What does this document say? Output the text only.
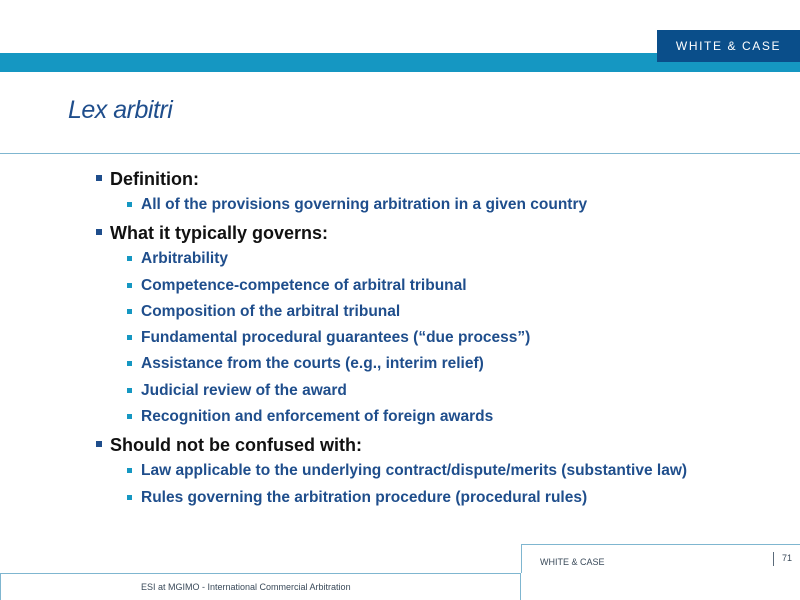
WHITE & CASE
Lex arbitri
Definition:
All of the provisions governing arbitration in a given country
What it typically governs:
Arbitrability
Competence-competence of arbitral tribunal
Composition of the arbitral tribunal
Fundamental procedural guarantees (“due process”)
Assistance from the courts (e.g., interim relief)
Judicial review of the award
Recognition and enforcement of foreign awards
Should not be confused with:
Law applicable to the underlying contract/dispute/merits (substantive law)
Rules governing the arbitration procedure (procedural rules)
WHITE & CASE	71
ESI at MGIMO - International Commercial Arbitration
